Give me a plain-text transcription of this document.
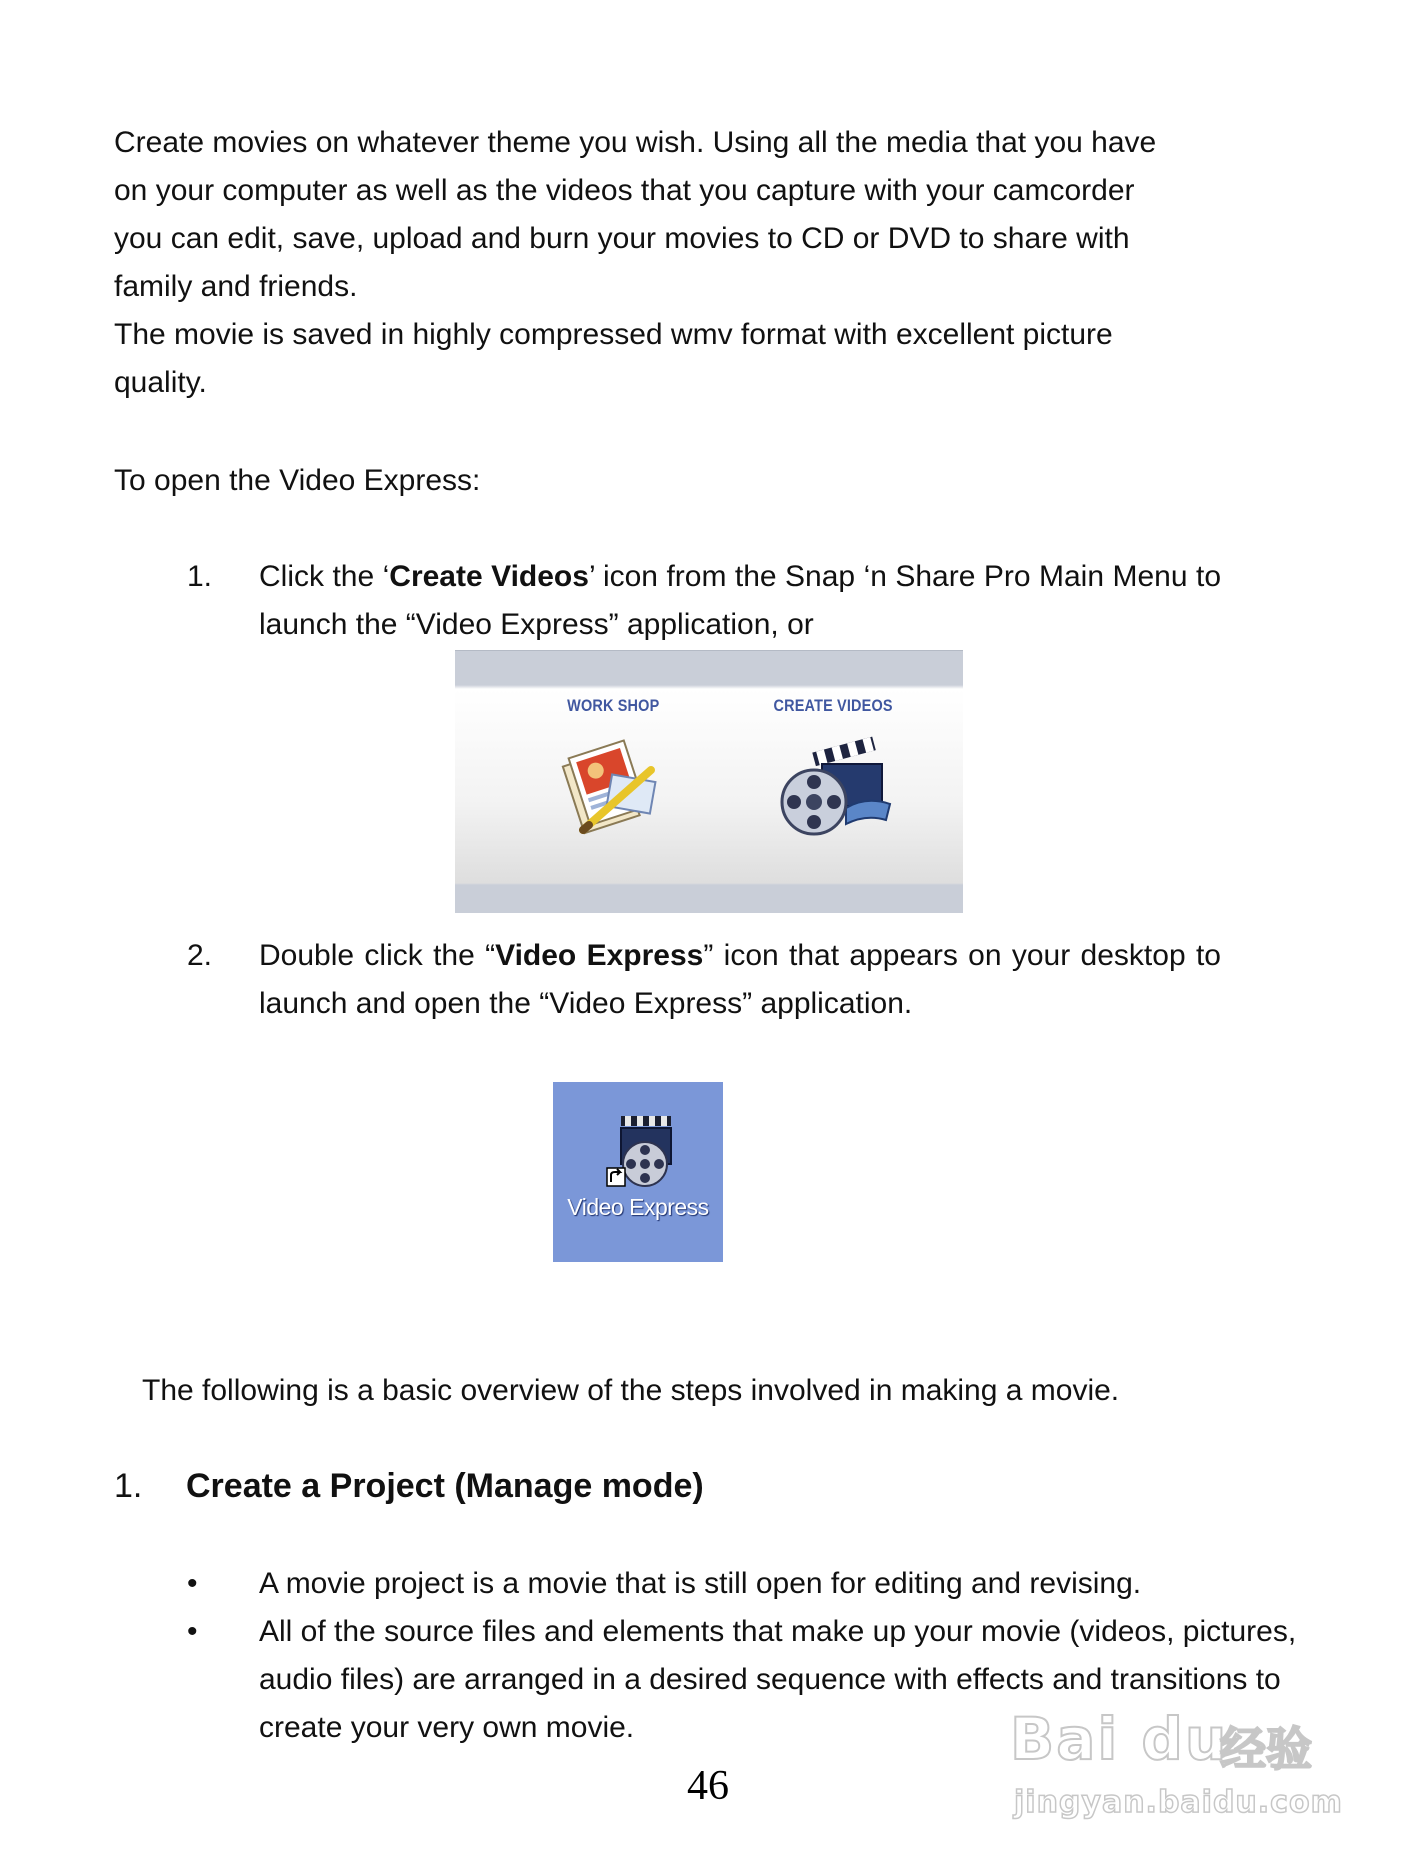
Create movies on whatever theme you wish. Using all the media that you have

on your computer as well as the videos that you capture with your camcorder

you can edit, save, upload and burn your movies to CD or DVD to share with

family and friends.

The movie is saved in highly compressed wmv format with excellent picture

quality.

To open the Video Express:
1. Click the ‘Create Videos’ icon from the Snap ‘n Share Pro Main Menu to launch the “Video Express” application, or
WORK SHOP	CREATE VIDEOS
2. Double click the “Video Express” icon that appears on your desktop to launch and open the “Video Express” application.
Video Express
The following is a basic overview of the steps involved in making a movie.
1. Create a Project (Manage mode)
• A movie project is a movie that is still open for editing and revising.
• All of the source files and elements that make up your movie (videos, pictures, audio files) are arranged in a desired sequence with effects and transitions to create your very own movie.
46
Bai du
经验
jingyan.baidu.com
